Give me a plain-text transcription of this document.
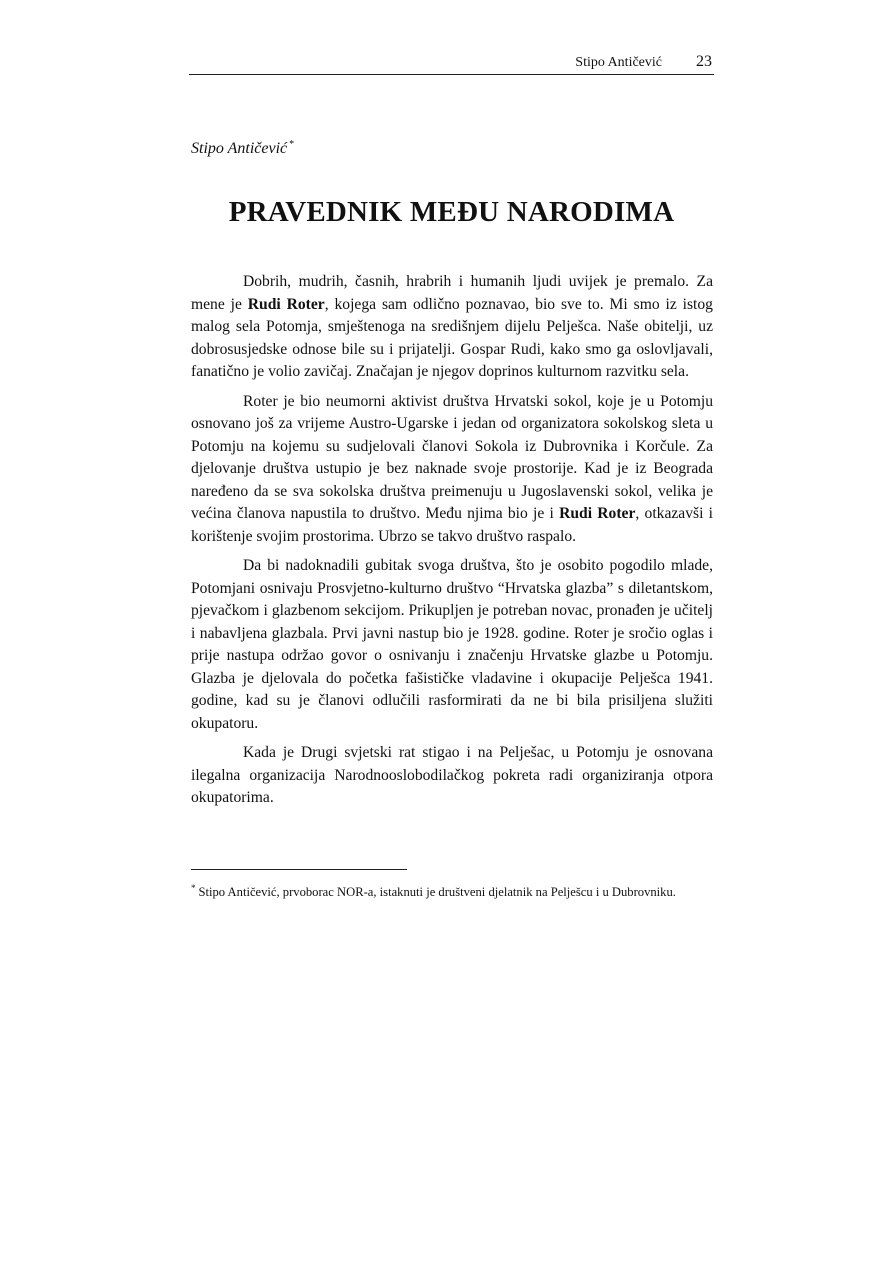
Stipo Antičević 23
Stipo Antičević *
PRAVEDNIK MEĐU NARODIMA

Dobrih, mudrih, časnih, hrabrih i humanih ljudi uvijek je premalo. Za mene je Rudi Roter, kojega sam odlično poznavao, bio sve to. Mi smo iz istog malog sela Potomja, smještenoga na središnjem dijelu Pelješca. Naše obitelji, uz dobrosusjedske odnose bile su i prijatelji. Gospar Rudi, kako smo ga oslovljavali, fanatično je volio zavičaj. Značajan je njegov doprinos kulturnom razvitku sela.

Roter je bio neumorni aktivist društva Hrvatski sokol, koje je u Potomju osnovano još za vrijeme Austro-Ugarske i jedan od organizatora sokolskog sleta u Potomju na kojemu su sudjelovali članovi Sokola iz Dubrovnika i Korčule. Za djelovanje društva ustupio je bez naknade svoje prostorije. Kad je iz Beograda naređeno da se sva sokolska društva preimenuju u Jugoslavenski sokol, velika je većina članova napustila to društvo. Među njima bio je i Rudi Roter, otkazavši i korištenje svojim prostorima. Ubrzo se takvo društvo raspalo.

Da bi nadoknadili gubitak svoga društva, što je osobito pogodilo mlade, Potomjani osnivaju Prosvjetno-kulturno društvo “Hrvatska glazba” s diletantskom, pjevačkom i glazbenom sekcijom. Prikupljen je potreban novac, pronađen je učitelj i nabavljena glazbala. Prvi javni nastup bio je 1928. godine. Roter je sročio oglas i prije nastupa održao govor o osnivanju i značenju Hrvatske glazbe u Potomju. Glazba je djelovala do početka fašističke vladavine i okupacije Pelješca 1941. godine, kad su je članovi odlučili rasformirati da ne bi bila prisiljena služiti okupatoru.

Kada je Drugi svjetski rat stigao i na Pelješac, u Potomju je osnovana ilegalna organizacija Narodnooslobodilačkog pokreta radi organiziranja otpora okupatorima.

* Stipo Antičević, prvoborac NOR-a, istaknuti je društveni djelatnik na Pelješcu i u Dubrovniku.
